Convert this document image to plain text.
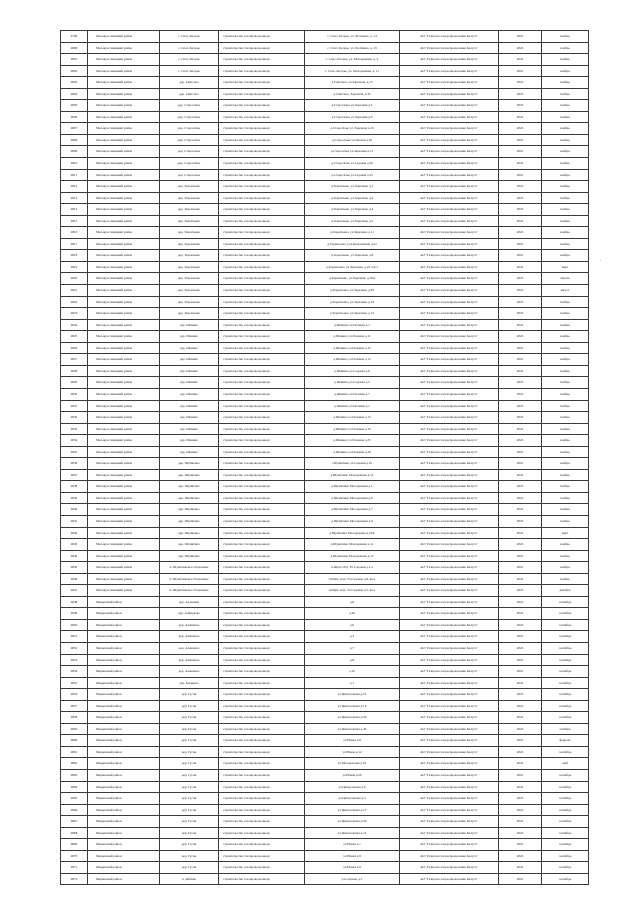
4799	Малоярославецкий район	с. Спас-Загорье	строительство газопровода-ввода	с. Спас-Загорье, ул. Болтнево, д. 14	АО "Газпром газораспределение Калуга"	2022	ноябрь
4800	Малоярославецкий район	с. Спас-Загорье	строительство газопровода-ввода	с. Спас-Загорье, ул. Болтнево, д. 19	АО "Газпром газораспределение Калуга"	2022	ноябрь
4801	Малоярославецкий район	с. Спас-Загорье	строительство газопровода-ввода	с. Спас-Загорье, ул. Молодежная, д. 9	АО "Газпром газораспределение Калуга"	2022	ноябрь
4802	Малоярославецкий район	с. Спас-Загорье	строительство газопровода-ввода	с. Спас-Загорье, ул. Молодежная, д. 11	АО "Газпром газораспределение Калуга"	2022	ноябрь
4803	Малоярославецкий район	дер. Святское	строительство газопровода-ввода	д.Святское, ул.Заречная, д.15	АО "Газпром газораспределение Калуга"	2022	ноябрь
4804	Малоярославецкий район	дер. Святское	строительство газопровода-ввода	д.Святское, Заречная, д.30	АО "Газпром газораспределение Калуга"	2022	ноябрь
4805	Малоярославецкий район	дер. Старосёлье	строительство газопровода-ввода	д.Старосёлье ул.Заречная д.5	АО "Газпром газораспределение Калуга"	2022	ноябрь
4806	Малоярославецкий район	дер. Старосёлье	строительство газопровода-ввода	д.Старосёлье ул.Заречная д.9	АО "Газпром газораспределение Калуга"	2022	ноябрь
4807	Малоярославецкий район	дер. Старосёлье	строительство газопровода-ввода	д.Старосёлье ул. Заречная д.16	АО "Газпром газораспределение Калуга"	2022	ноябрь
4808	Малоярославецкий район	дер. Старосёлье	строительство газопровода-ввода	д.Старосёлье ул.Лесная д.16	АО "Газпром газораспределение Калуга"	2022	ноябрь
4809	Малоярославецкий район	дер. Старосёлье	строительство газопровода-ввода	д.Старосёлье ул.Заречная д.13	АО "Газпром газораспределение Калуга"	2022	ноябрь
4810	Малоярославецкий район	дер. Старосёлье	строительство газопровода-ввода	д.Старосёлье ул.Садовая д.20	АО "Газпром газораспределение Калуга"	2022	ноябрь
4811	Малоярославецкий район	дер. Старосёлье	строительство газопровода-ввода	д.Старосёлье ул.Садовая д.35	АО "Газпром газораспределение Калуга"	2022	ноябрь
4812	Малоярославецкий район	дер. Терентьево	строительство газопровода-ввода	д.Терентьево, ул.Заречная, д.1	АО "Газпром газораспределение Калуга"	2022	ноябрь
4813	Малоярославецкий район	дер. Терентьево	строительство газопровода-ввода	д.Терентьево, ул.Заречная, д.2	АО "Газпром газораспределение Калуга"	2022	ноябрь
4814	Малоярославецкий район	дер. Терентьево	строительство газопровода-ввода	д.Терентьево, ул.Заречная, д.4	АО "Газпром газораспределение Калуга"	2022	ноябрь
4815	Малоярославецкий район	дер. Терентьево	строительство газопровода-ввода	д.Терентьево, ул.Заречная, д.5	АО "Газпром газораспределение Калуга"	2022	ноябрь
4816	Малоярославецкий район	дер. Терентьево	строительство газопровода-ввода	д.Терентьево, ул.Заречная, д.11	АО "Газпром газораспределение Калуга"	2022	ноябрь
4817	Малоярославецкий район	дер. Терентьево	строительство газопровода-ввода	д.Терентьево, ул.Центральная, д.2а	АО "Газпром газораспределение Калуга"	2022	ноябрь
4818	Малоярославецкий район	дер. Терентьево	строительство газопровода-ввода	д.Терентьево, ул.Заречная, д.8	АО "Газпром газораспределение Калуга"	2022	ноябрь
4819	Малоярославецкий район	дер. Терентьево	строительство газопровода-ввода	д.Терентьево, ул.Заречная, д.10 стр.1	АО "Газпром газораспределение Калуга"	2022	март
4820	Малоярославецкий район	дер. Терентьево	строительство газопровода-ввода	д.Терентьево, ул.Заречная, д.16А	АО "Газпром газораспределение Калуга"	2022	апрель
4821	Малоярославецкий район	дер. Терентьево	строительство газопровода-ввода	д.Терентьево, ул.Заречная, д.20	АО "Газпром газораспределение Калуга"	2022	август
4822	Малоярославецкий район	дер. Терентьево	строительство газопровода-ввода	д.Терентьево, ул.Заречная, д.18	АО "Газпром газораспределение Калуга"	2022	ноябрь
4823	Малоярославецкий район	дер. Терентьево	строительство газопровода-ввода	д.Терентьево, ул.Заречная, д.15	АО "Газпром газораспределение Калуга"	2022	ноябрь
4824	Малоярославецкий район	дер. Шанино	строительство газопровода-ввода	д.Шанино ул.Полевая д.1	АО "Газпром газораспределение Калуга"	2022	ноябрь
4825	Малоярославецкий район	дер. Шанино	строительство газопровода-ввода	д.Шанино ул.Полевая д.11	АО "Газпром газораспределение Калуга"	2022	ноябрь
4826	Малоярославецкий район	дер. Шанино	строительство газопровода-ввода	д.Шанино ул.Полевая д.12	АО "Газпром газораспределение Калуга"	2022	ноябрь
4827	Малоярославецкий район	дер. Шанино	строительство газопровода-ввода	д.Шанино ул.Полевая д.13	АО "Газпром газораспределение Калуга"	2022	ноябрь
4828	Малоярославецкий район	дер. Шанино	строительство газопровода-ввода	д.Шанино ул.Садовая д.6	АО "Газпром газораспределение Калуга"	2022	ноябрь
4829	Малоярославецкий район	дер. Шанино	строительство газопровода-ввода	д.Шанино ул.Садовая д.5	АО "Газпром газораспределение Калуга"	2022	ноябрь
4830	Малоярославецкий район	дер. Шанино	строительство газопровода-ввода	д.Шанино ул.Полевая д.7	АО "Газпром газораспределение Калуга"	2022	ноябрь
4831	Малоярославецкий район	дер. Шанино	строительство газопровода-ввода	д.Шанино ул.Полевая д.1	АО "Газпром газораспределение Калуга"	2022	ноябрь
4832	Малоярославецкий район	дер. Шанино	строительство газопровода-ввода	д.Шанино ул.Полевая д.13	АО "Газпром газораспределение Калуга"	2022	ноябрь
4833	Малоярославецкий район	дер. Шанино	строительство газопровода-ввода	д.Шанино ул.Полевая д.19	АО "Газпром газораспределение Калуга"	2022	ноябрь
4834	Малоярославецкий район	дер. Шанино	строительство газопровода-ввода	д.Шанино ул.Полевая д.25	АО "Газпром газораспределение Калуга"	2022	ноябрь
4835	Малоярославецкий район	дер. Шанино	строительство газопровода-ввода	д.Шанино ул.Полевая д.26	АО "Газпром газораспределение Калуга"	2022	ноябрь
4836	Малоярославецкий район	дер. Шумятино	строительство газопровода-ввода	с.Шумятино ул.Садовая д.25	АО "Газпром газораспределение Калуга"	2022	ноябрь
4837	Малоярославецкий район	дер. Шумятино	строительство газопровода-ввода	д.Шумятино Молодежная д.14	АО "Газпром газораспределение Калуга"	2022	ноябрь
4838	Малоярославецкий район	дер. Шумятино	строительство газопровода-ввода	д.Шумятино Молодежная д.1	АО "Газпром газораспределение Калуга"	2022	ноябрь
4839	Малоярославецкий район	дер. Шумятино	строительство газопровода-ввода	д.Шумятино Молодежная д.6	АО "Газпром газораспределение Калуга"	2022	ноябрь
4840	Малоярославецкий район	дер. Шумятино	строительство газопровода-ввода	д.Шумятино Молодежная д.7	АО "Газпром газораспределение Калуга"	2022	ноябрь
4841	Малоярославецкий район	дер. Шумятино	строительство газопровода-ввода	д.Шумятино Молодежная д.9	АО "Газпром газораспределение Калуга"	2022	ноябрь
4842	Малоярославецкий район	дер. Шумятино	строительство газопровода-ввода	д.Шумятино Молодежная д.10А	АО "Газпром газораспределение Калуга"	2022	март
4843	Малоярославецкий район	дер. Шумятино	строительство газопровода-ввода	д.Шумятино Молодежная д.11	АО "Газпром газораспределение Калуга"	2022	ноябрь
4844	Малоярославецкий район	дер. Шумятино	строительство газопровода-ввода	д.Шумятино Молодежная д.13	АО "Газпром газораспределение Калуга"	2022	ноябрь
4845	Малоярославецкий район	п. Шумятинское Отделение	строительство газопровода-ввода	п.Шум. Отд. Ул.Садовая д.1-а	АО "Газпром газораспределение Калуга"	2022	ноябрь
4846	Малоярославецкий район	п. Шумятинское Отделение	строительство газопровода-ввода	п.Шум. Отд. Ул.Садовая д.8, кв.2	АО "Газпром газораспределение Калуга"	2022	ноябрь
4847	Малоярославецкий район	п. Шумятинское Отделение	строительство газопровода-ввода	п.Шум. Отд. Ул.Садовая д.5, кв.1	АО "Газпром газораспределение Калуга"	2022	декабрь
4848	Медынский район	дер. Адамовка	строительство газопровода-ввода	д.8	АО "Газпром газораспределение Калуга"	2022	сентябрь
4849	Медынский район	дер. Алферьево	строительство газопровода-ввода	д.20	АО "Газпром газораспределение Калуга"	2022	сентябрь
4850	Медынский район	дер. Алешково	строительство газопровода-ввода	д.9	АО "Газпром газораспределение Калуга"	2022	сентябрь
4851	Медынский район	дер. Алешково	строительство газопровода-ввода	д.3	АО "Газпром газораспределение Калуга"	2022	сентябрь
4852	Медынский район	дер. Алешково	строительство газопровода-ввода	д.7	АО "Газпром газораспределение Калуга"	2022	сентябрь
4853	Медынский район	дер. Алешково	строительство газопровода-ввода	д.8	АО "Газпром газораспределение Калуга"	2022	сентябрь
4854	Медынский район	дер. Алешково	строительство газопровода-ввода	д.10	АО "Газпром газораспределение Калуга"	2022	сентябрь
4855	Медынский район	дер. Бетьково	строительство газопровода-ввода	д.1	АО "Газпром газораспределение Калуга"	2022	сентябрь
4856	Медынский район	дер. Гусаи	строительство газопровода-ввода	ул.Центральная д.25	АО "Газпром газораспределение Калуга"	2022	сентябрь
4857	Медынский район	дер. Гусаи	строительство газопровода-ввода	ул.Центральная д.16	АО "Газпром газораспределение Калуга"	2022	сентябрь
4858	Медынский район	дер. Гусаи	строительство газопровода-ввода	ул.Центральная д.30	АО "Газпром газораспределение Калуга"	2022	сентябрь
4859	Медынский район	дер. Гусаи	строительство газопровода-ввода	ул.Центральная д.40	АО "Газпром газораспределение Калуга"	2022	октябрь
4860	Медынский район	дер. Гусаи	строительство газопровода-ввода	ул.Новая д.8	АО "Газпром газораспределение Калуга"	2022	февраль
4861	Медынский район	дер. Гусаи	строительство газопровода-ввода	ул.Новая д.12	АО "Газпром газораспределение Калуга"	2022	сентябрь
4862	Медынский район	дер. Гусаи	строительство газопровода-ввода	ул.Молодежная д.19	АО "Газпром газораспределение Калуга"	2022	май
4863	Медынский район	дер. Гусаи	строительство газопровода-ввода	ул.Новая д.20	АО "Газпром газораспределение Калуга"	2022	сентябрь
4864	Медынский район	дер. Гусаи	строительство газопровода-ввода	ул.Центральная д.6	АО "Газпром газораспределение Калуга"	2022	сентябрь
4865	Медынский район	дер. Гусаи	строительство газопровода-ввода	ул.Центральная д.3	АО "Газпром газораспределение Калуга"	2022	сентябрь
4866	Медынский район	дер. Гусаи	строительство газопровода-ввода	ул.Центральная д.27	АО "Газпром газораспределение Калуга"	2022	сентябрь
4867	Медынский район	дер. Гусаи	строительство газопровода-ввода	ул.Центральная д.30	АО "Газпром газораспределение Калуга"	2022	сентябрь
4868	Медынский район	дер. Гусаи	строительство газопровода-ввода	ул.Центральная д.21	АО "Газпром газораспределение Калуга"	2022	сентябрь
4869	Медынский район	дер. Гусаи	строительство газопровода-ввода	ул.Новая д.1	АО "Газпром газораспределение Калуга"	2022	сентябрь
4870	Медынский район	дер. Гусаи	строительство газопровода-ввода	ул.Новая д.8	АО "Газпром газораспределение Калуга"	2022	сентябрь
4871	Медынский район	дер. Гусаи	строительство газопровода-ввода	ул.Новая д.9	АО "Газпром газораспределение Калуга"	2022	сентябрь
4872	Медынский район	п. Дибино	строительство газопровода-ввода	ул.Садовая, д.1	АО "Газпром газораспределение Калуга"	2022	сентябрь
